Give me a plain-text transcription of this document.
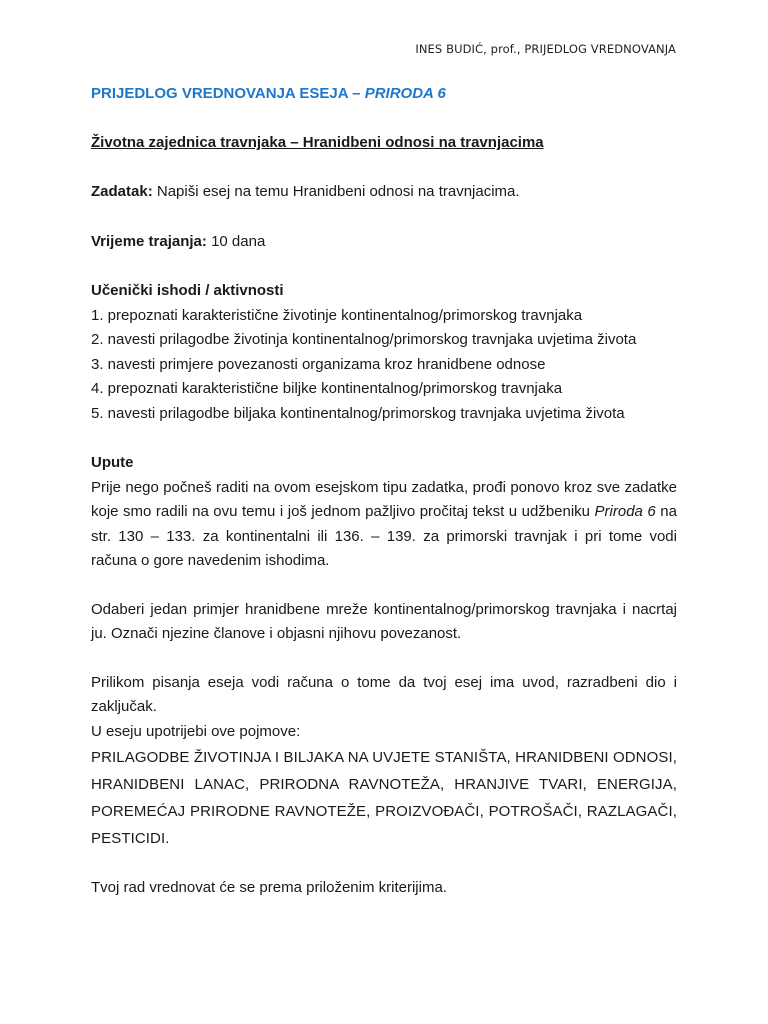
INES BUDIĆ, prof., PRIJEDLOG VREDNOVANJA
PRIJEDLOG VREDNOVANJA ESEJA – PRIRODA 6
Životna zajednica travnjaka – Hranidbeni odnosi na travnjacima

Zadatak: Napiši esej na temu Hranidbeni odnosi na travnjacima.

Vrijeme trajanja: 10 dana

Učenički ishodi / aktivnosti

1. prepoznati karakteristične životinje kontinentalnog/primorskog travnjaka
2. navesti prilagodbe životinja kontinentalnog/primorskog travnjaka uvjetima života
3. navesti primjere povezanosti organizama kroz hranidbene odnose
4. prepoznati karakteristične biljke kontinentalnog/primorskog travnjaka
5. navesti prilagodbe biljaka kontinentalnog/primorskog travnjaka uvjetima života

Upute

Prije nego počneš raditi na ovom esejskom tipu zadatka, prođi ponovo kroz sve zadatke koje smo radili na ovu temu i još jednom pažljivo pročitaj tekst u udžbeniku Priroda 6 na str. 130 – 133. za kontinentalni ili 136. – 139. za primorski travnjak i pri tome vodi računa o gore navedenim ishodima.

Odaberi jedan primjer hranidbene mreže kontinentalnog/primorskog travnjaka i nacrtaj ju. Označi njezine članove i objasni njihovu povezanost.

Prilikom pisanja eseja vodi računa o tome da tvoj esej ima uvod, razradbeni dio i zaključak.

U eseju upotrijebi ove pojmove:

PRILAGODBE ŽIVOTINJA I BILJAKA NA UVJETE STANIŠTA, HRANIDBENI ODNOSI, HRANIDBENI LANAC, PRIRODNA RAVNOTEŽA, HRANJIVE TVARI, ENERGIJA, POREMEĆAJ PRIRODNE RAVNOTEŽE, PROIZVOĐAČI, POTROŠAČI, RAZLAGAČI, PESTICIDI.

Tvoj rad vrednovat će se prema priloženim kriterijima.
